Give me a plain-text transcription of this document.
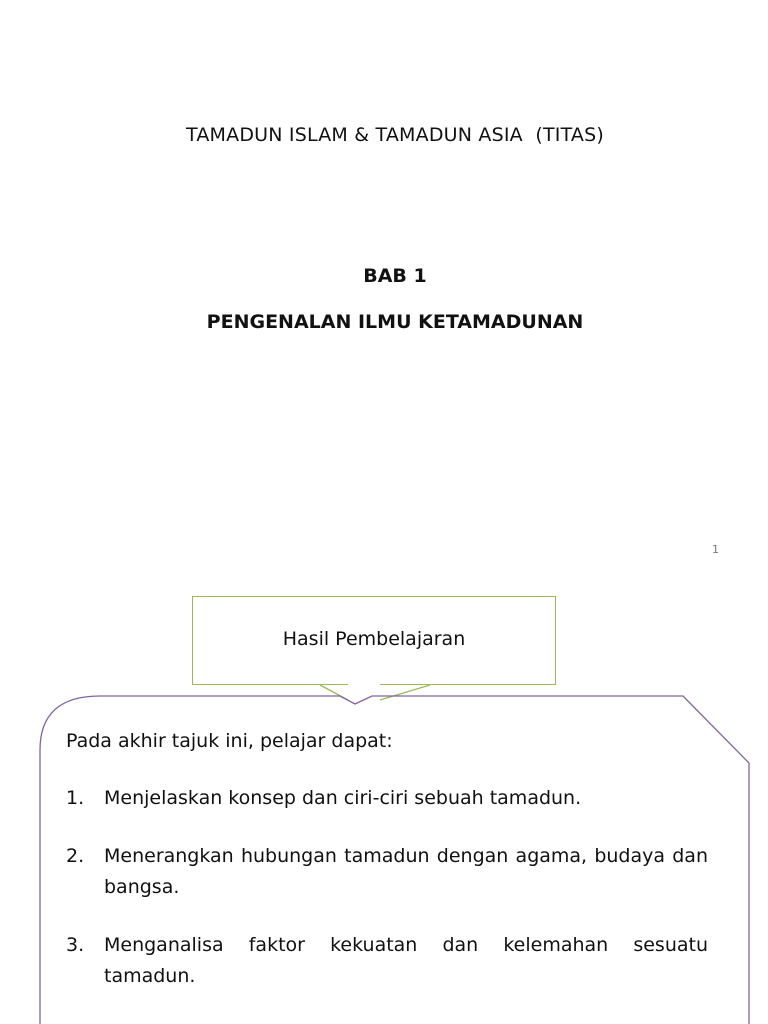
TAMADUN ISLAM & TAMADUN ASIA  (TITAS)
BAB 1
PENGENALAN ILMU KETAMADUNAN
1
Hasil Pembelajaran
Pada akhir tajuk ini, pelajar dapat:
1.	Menjelaskan konsep dan ciri-ciri sebuah tamadun.
2.	Menerangkan hubungan tamadun dengan agama, budaya dan bangsa.
3.	Menganalisa faktor kekuatan dan kelemahan sesuatu tamadun.
